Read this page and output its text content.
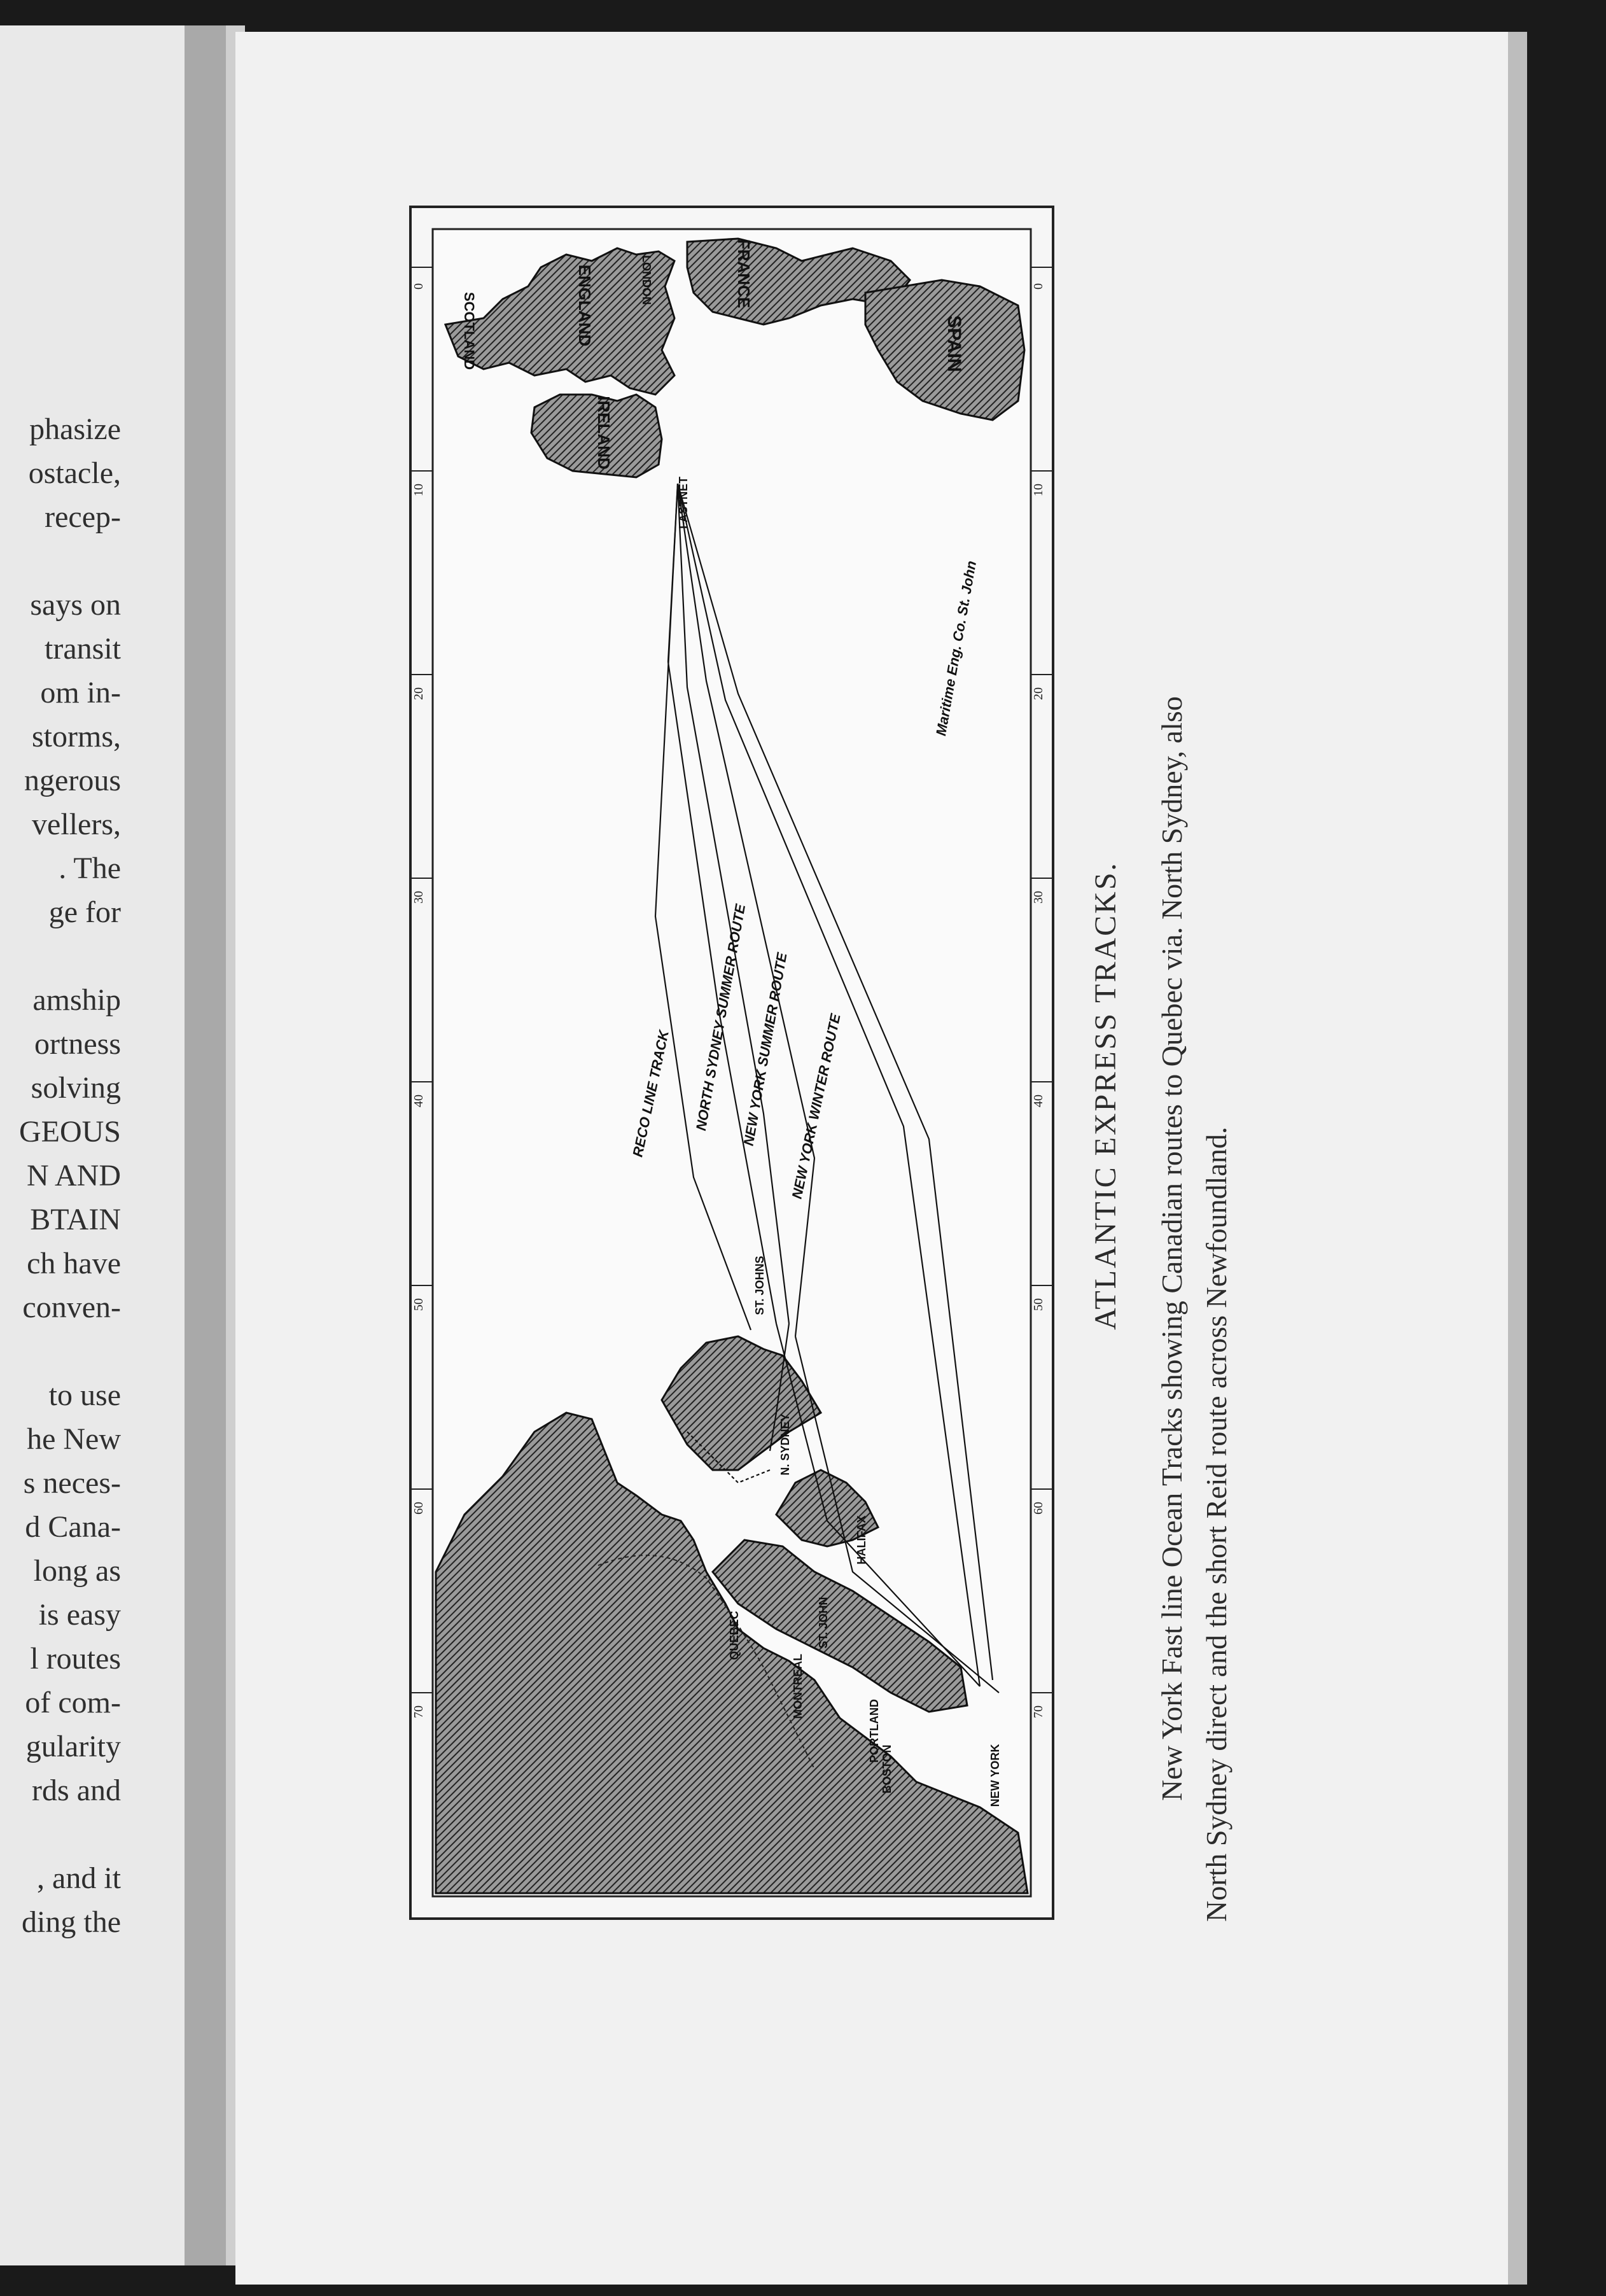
phasize
ostacle,
recep-
says on
transit
om in-
storms,
ngerous
vellers,
. The
ge for
amship
ortness
solving
GEOUS
N AND
BTAIN
ch have
conven-
to use
he New
s neces-
d Cana-
long as
is easy
l routes
of com-
gularity
rds and
, and it
ding the
0	0
10	10
20	20
30	30
40	40
50	50
60	60
70	70
SCOTLAND	ENGLAND
IRELAND
FRANCE
SPAIN
LONDON
FASTNET
ST. JOHNS
N. SYDNEY
HALIFAX
ST. JOHN
PORTLAND
BOSTON
MONTREAL
QUEBEC
NEW YORK
RECO LINE TRACK NORTH SYDNEY SUMMER ROUTE
NEW YORK SUMMER ROUTE
NEW YORK WINTER ROUTE
Maritime Eng. Co. St. John
ATLANTIC EXPRESS TRACKS. New York Fast line Ocean Tracks showing Canadian routes to Quebec via. North Sydney, also North Sydney direct and the short Reid route across Newfoundland.
